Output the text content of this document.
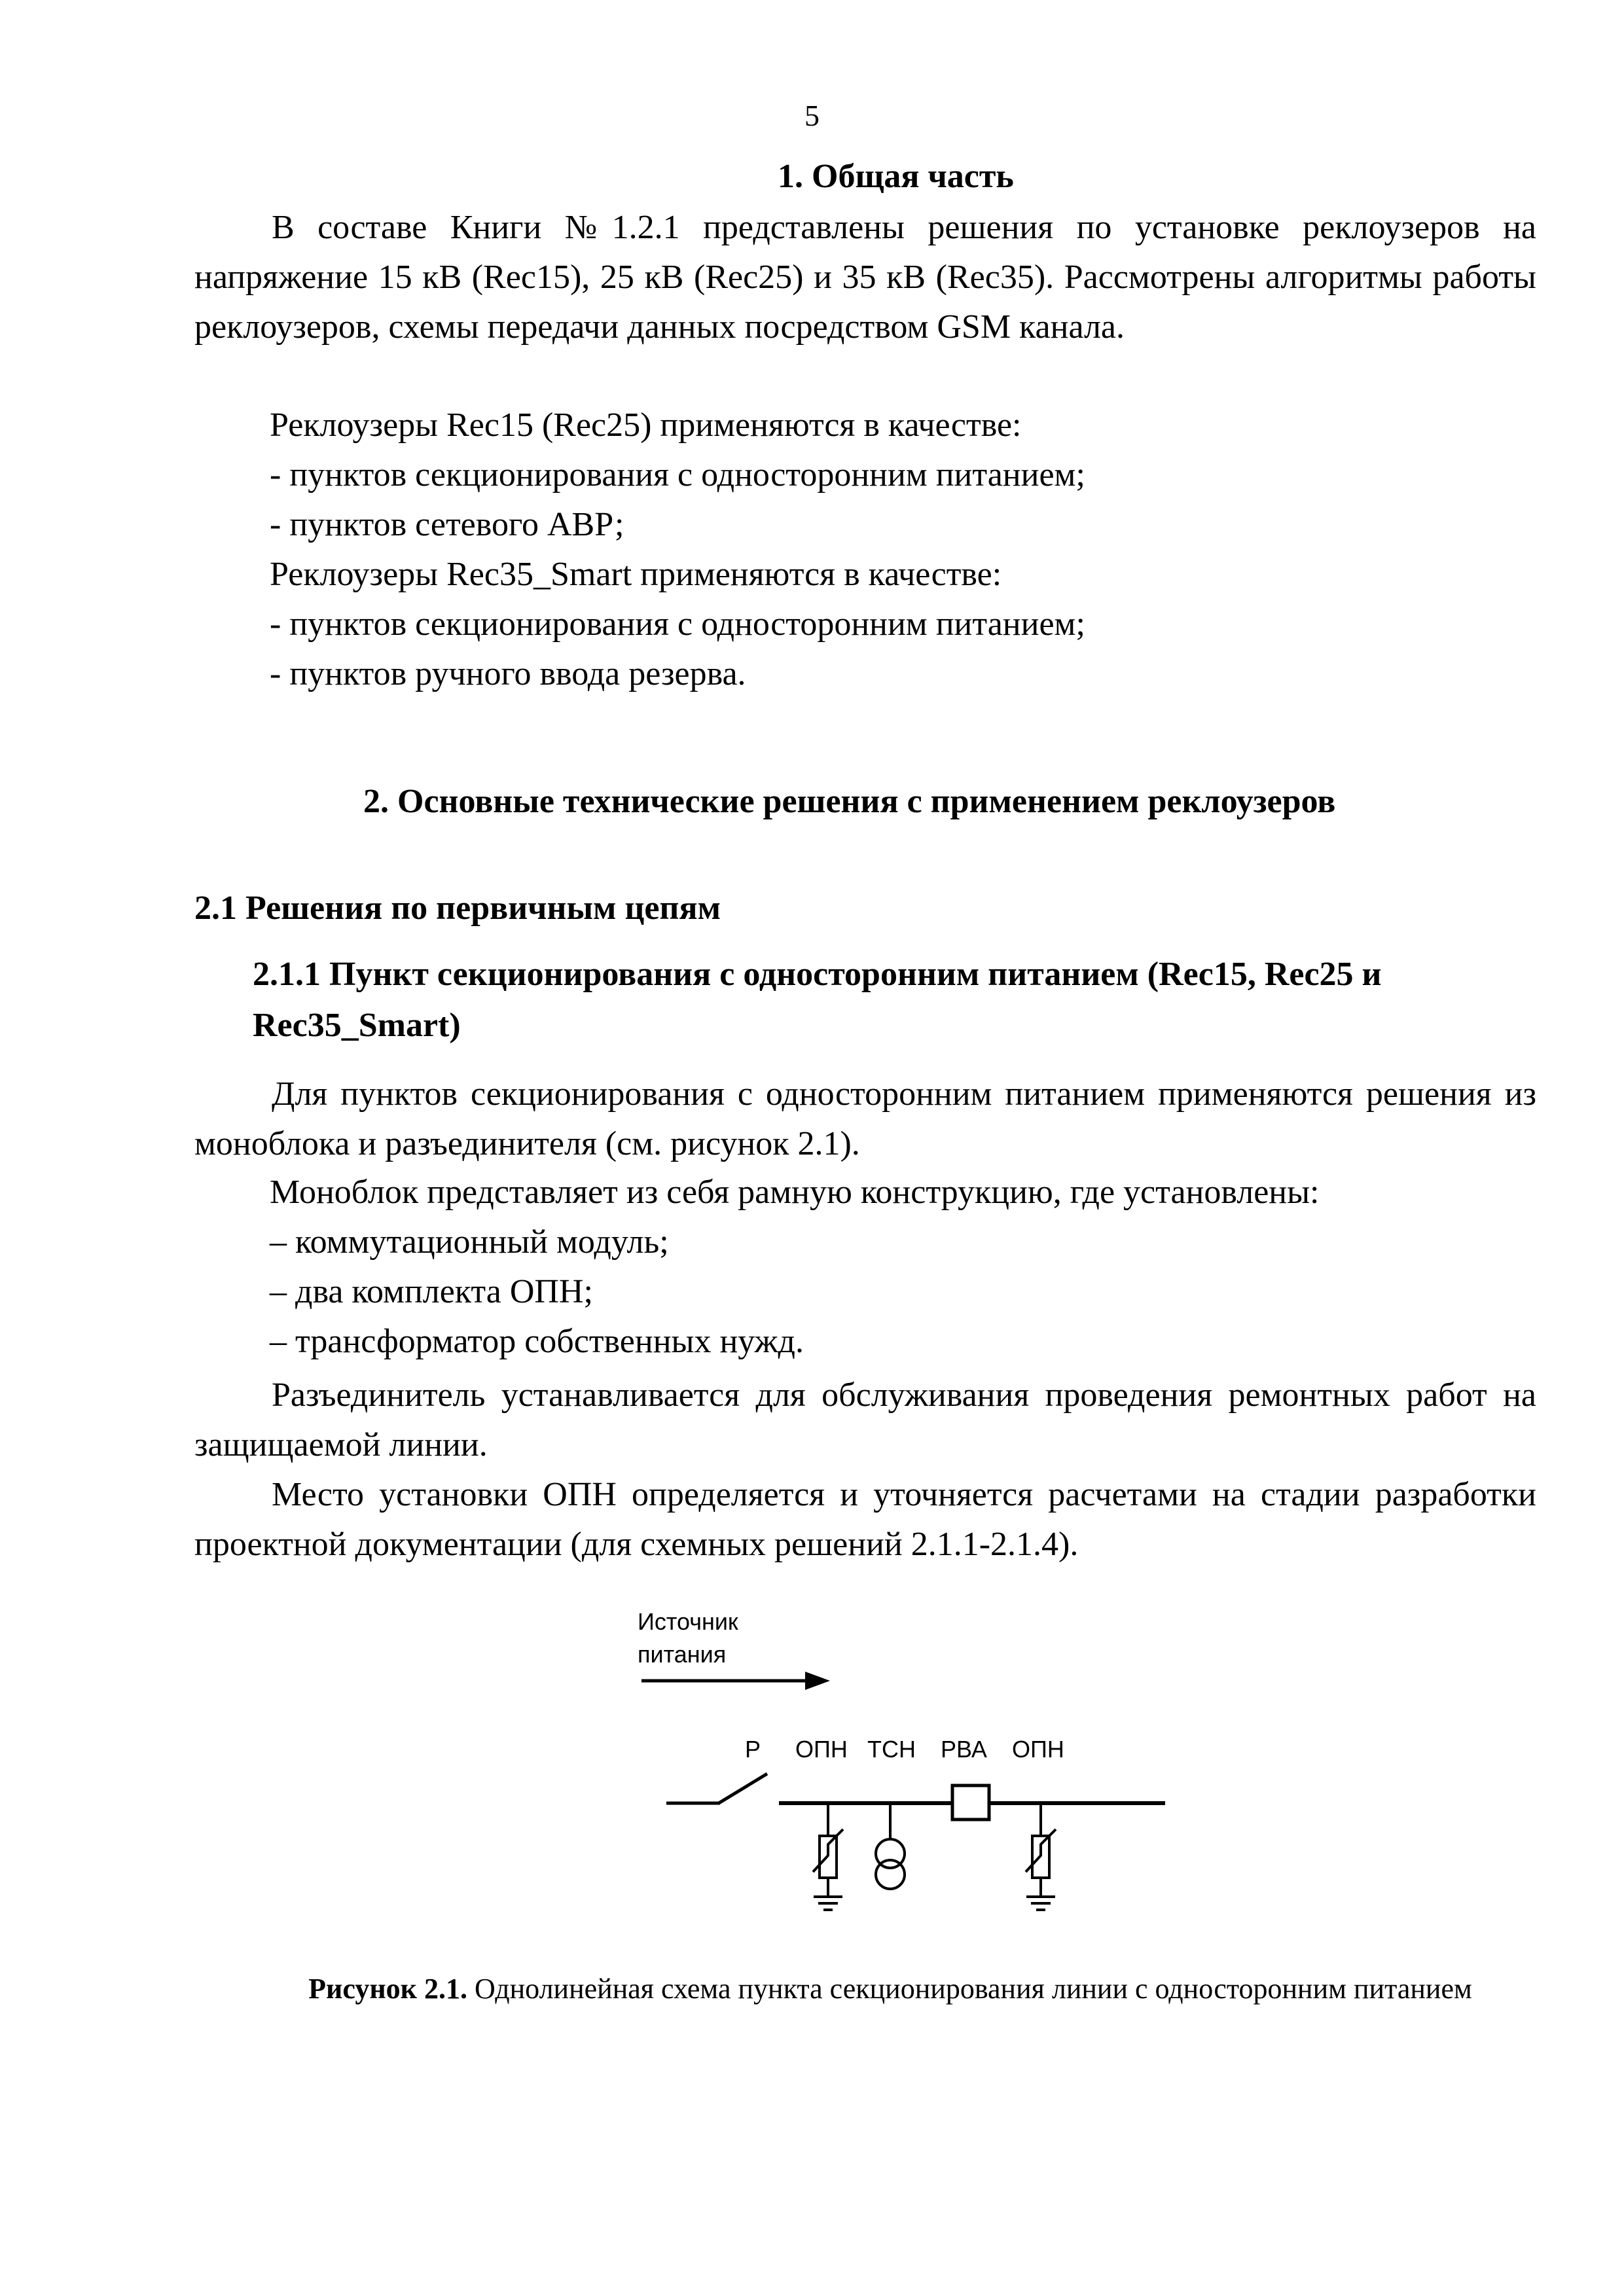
5
1. Общая часть

В составе Книги №1.2.1 представлены решения по установке реклоузеров на напряжение 15 кВ (Rec15), 25 кВ (Rec25) и 35 кВ (Rec35). Рассмотрены алгоритмы работы реклоузеров, схемы передачи данных посредством GSM канала.

Реклоузеры Rec15 (Rec25) применяются в качестве:

- пунктов секционирования с односторонним питанием;

- пунктов сетевого АВР;

Реклоузеры Rec35_Smart применяются в качестве:

- пунктов секционирования с односторонним питанием;

- пунктов ручного ввода резерва.

2. Основные технические решения с применением реклоузеров
2.1 Решения по первичным цепям

2.1.1 Пункт секционирования с односторонним питанием (Rec15, Rec25 и Rec35_Smart)

Для пунктов секционирования с односторонним питанием применяются решения из моноблока и разъединителя (см. рисунок 2.1).

Моноблок представляет из себя рамную конструкцию, где установлены:

– коммутационный модуль;

– два комплекта ОПН;

– трансформатор собственных нужд.

Разъединитель устанавливается для обслуживания проведения ремонтных работ на защищаемой линии.

Место установки ОПН определяется и уточняется расчетами на стадии разработки проектной документации (для схемных решений 2.1.1-2.1.4).

Источник
питания
Р ОПН ТСН РВА ОПН
Рисунок 2.1. Однолинейная схема пункта секционирования линии с односторонним питанием
